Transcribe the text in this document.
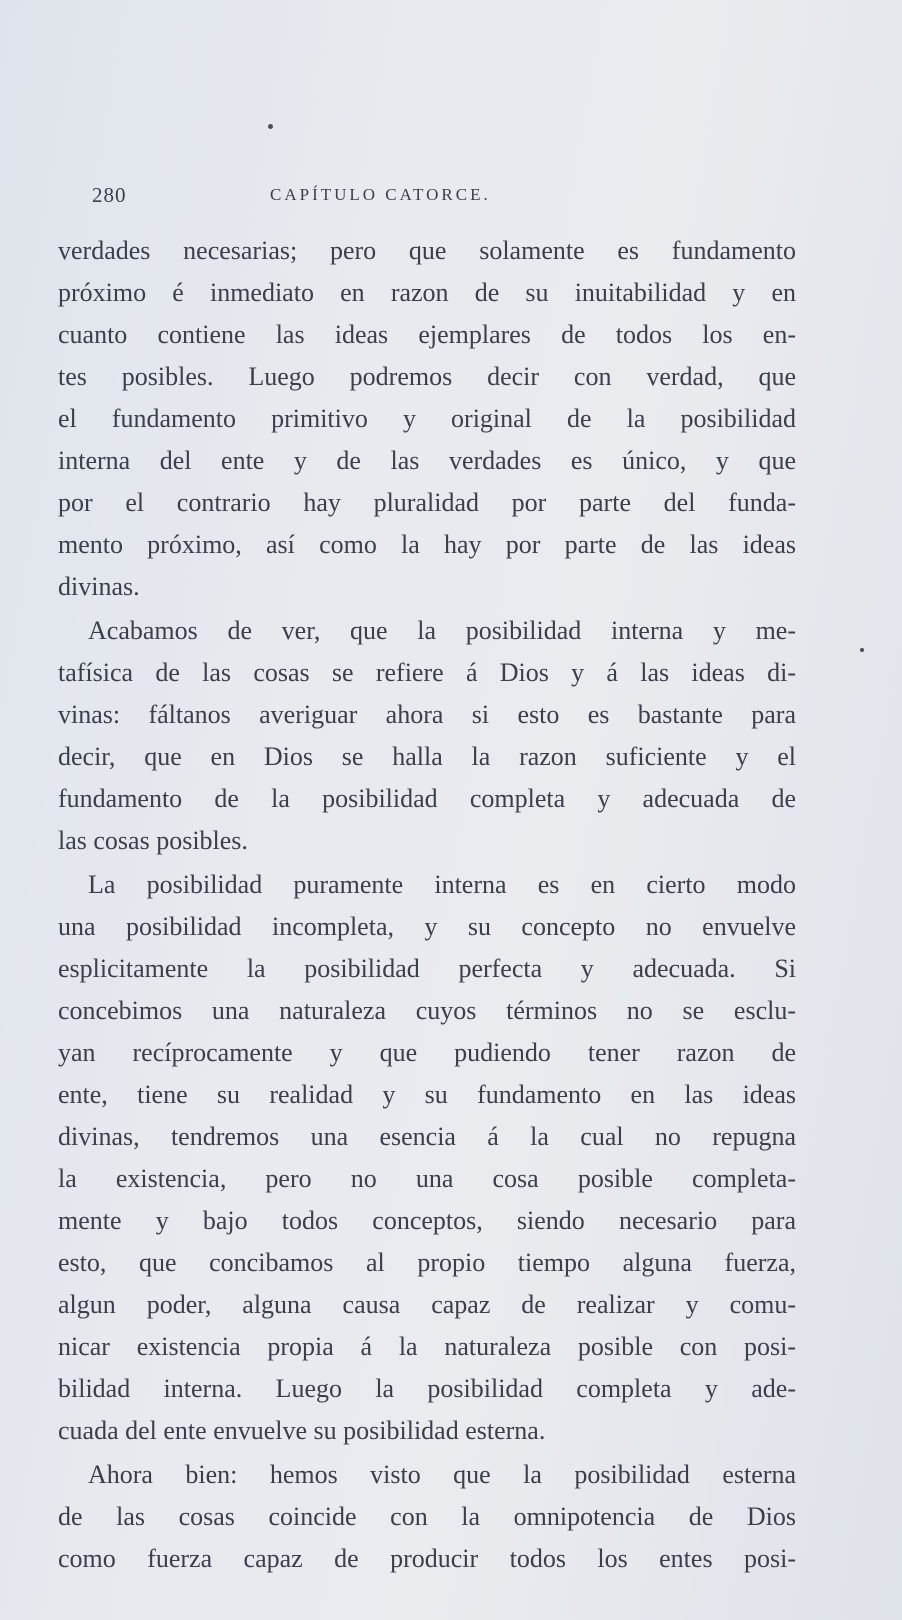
280	CAPÍTULO CATORCE.
verdades necesarias; pero que solamente es fundamento
próximo é inmediato en razon de su inuitabilidad y en
cuanto contiene las ideas ejemplares de todos los en-
tes posibles. Luego podremos decir con verdad, que
el fundamento primitivo y original de la posibilidad
interna del ente y de las verdades es único, y que
por el contrario hay pluralidad por parte del funda-
mento próximo, así como la hay por parte de las ideas
divinas.
Acabamos de ver, que la posibilidad interna y me-
tafísica de las cosas se refiere á Dios y á las ideas di-
vinas: fáltanos averiguar ahora si esto es bastante para
decir, que en Dios se halla la razon suficiente y el
fundamento de la posibilidad completa y adecuada de
las cosas posibles.
La posibilidad puramente interna es en cierto modo
una posibilidad incompleta, y su concepto no envuelve
esplicitamente la posibilidad perfecta y adecuada. Si
concebimos una naturaleza cuyos términos no se esclu-
yan recíprocamente y que pudiendo tener razon de
ente, tiene su realidad y su fundamento en las ideas
divinas, tendremos una esencia á la cual no repugna
la existencia, pero no una cosa posible completa-
mente y bajo todos conceptos, siendo necesario para
esto, que concibamos al propio tiempo alguna fuerza,
algun poder, alguna causa capaz de realizar y comu-
nicar existencia propia á la naturaleza posible con posi-
bilidad interna. Luego la posibilidad completa y ade-
cuada del ente envuelve su posibilidad esterna.
Ahora bien: hemos visto que la posibilidad esterna
de las cosas coincide con la omnipotencia de Dios
como fuerza capaz de producir todos los entes posi-
